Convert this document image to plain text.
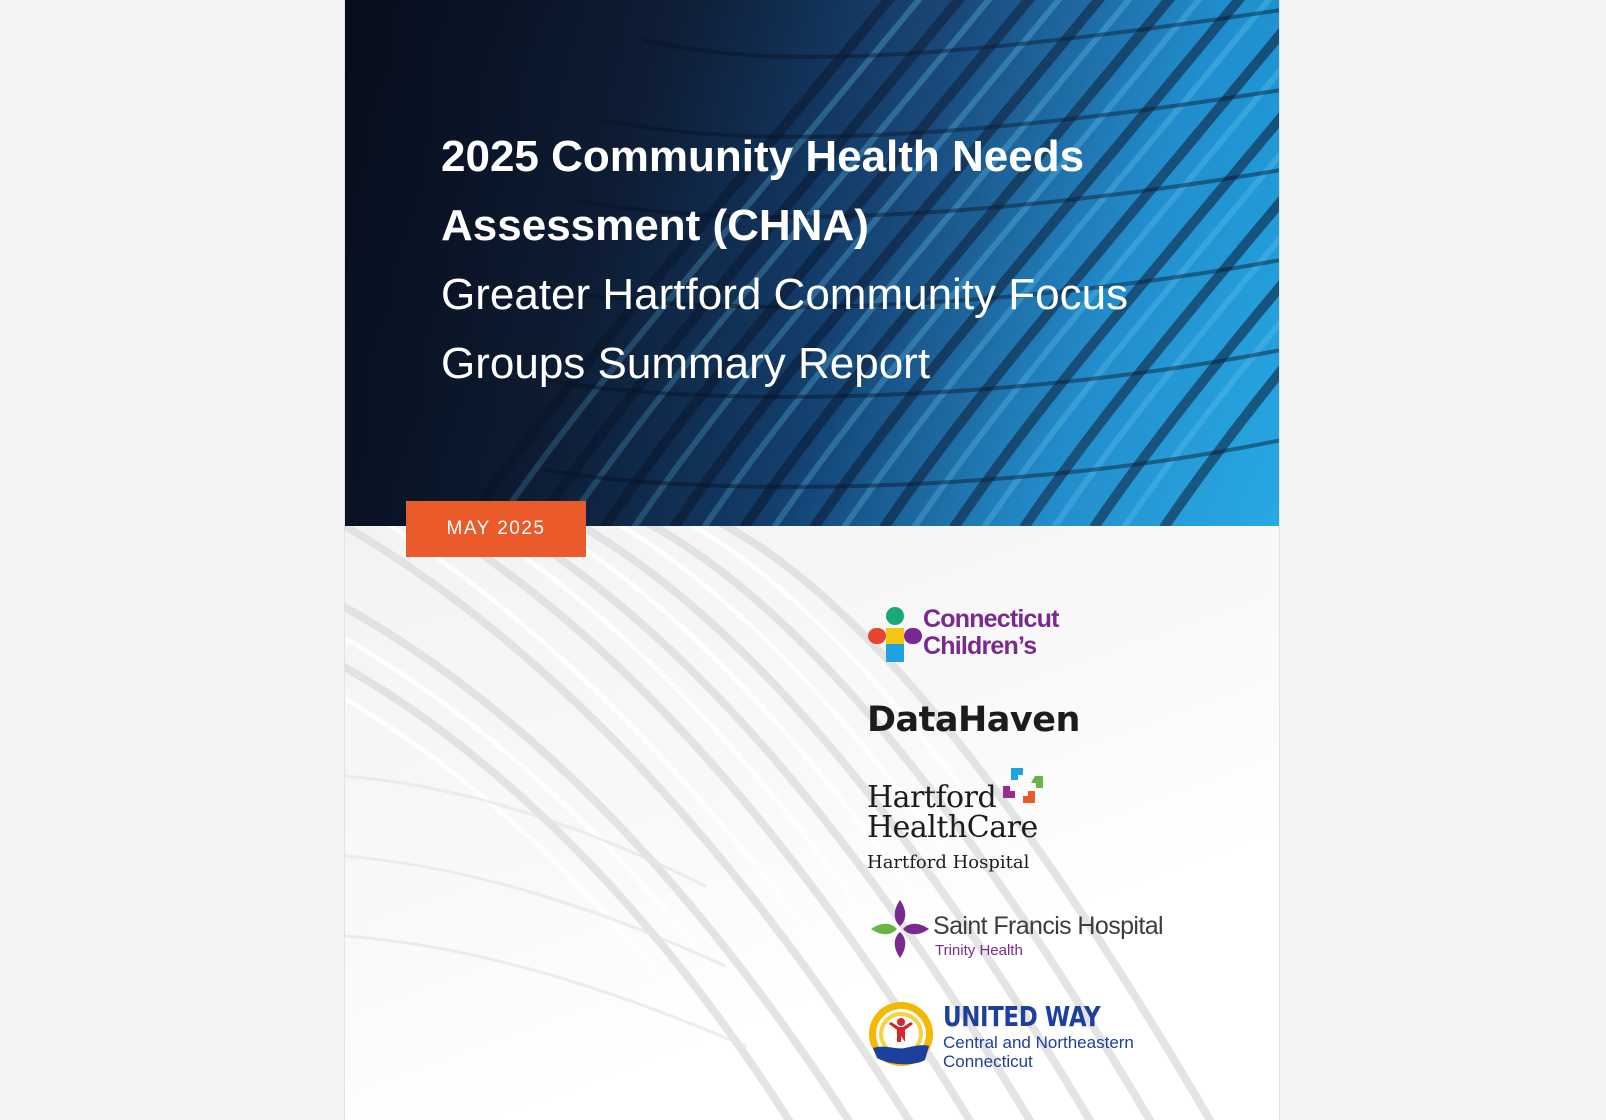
2025 Community Health Needs
Assessment (CHNA)
Greater Hartford Community Focus
Groups Summary Report
MAY 2025
Connecticut
Children’s
DataHaven
Hartford
HealthCare
Hartford Hospital
Saint Francis Hospital
Trinity Health
UNITED WAY
Central and Northeastern
Connecticut
